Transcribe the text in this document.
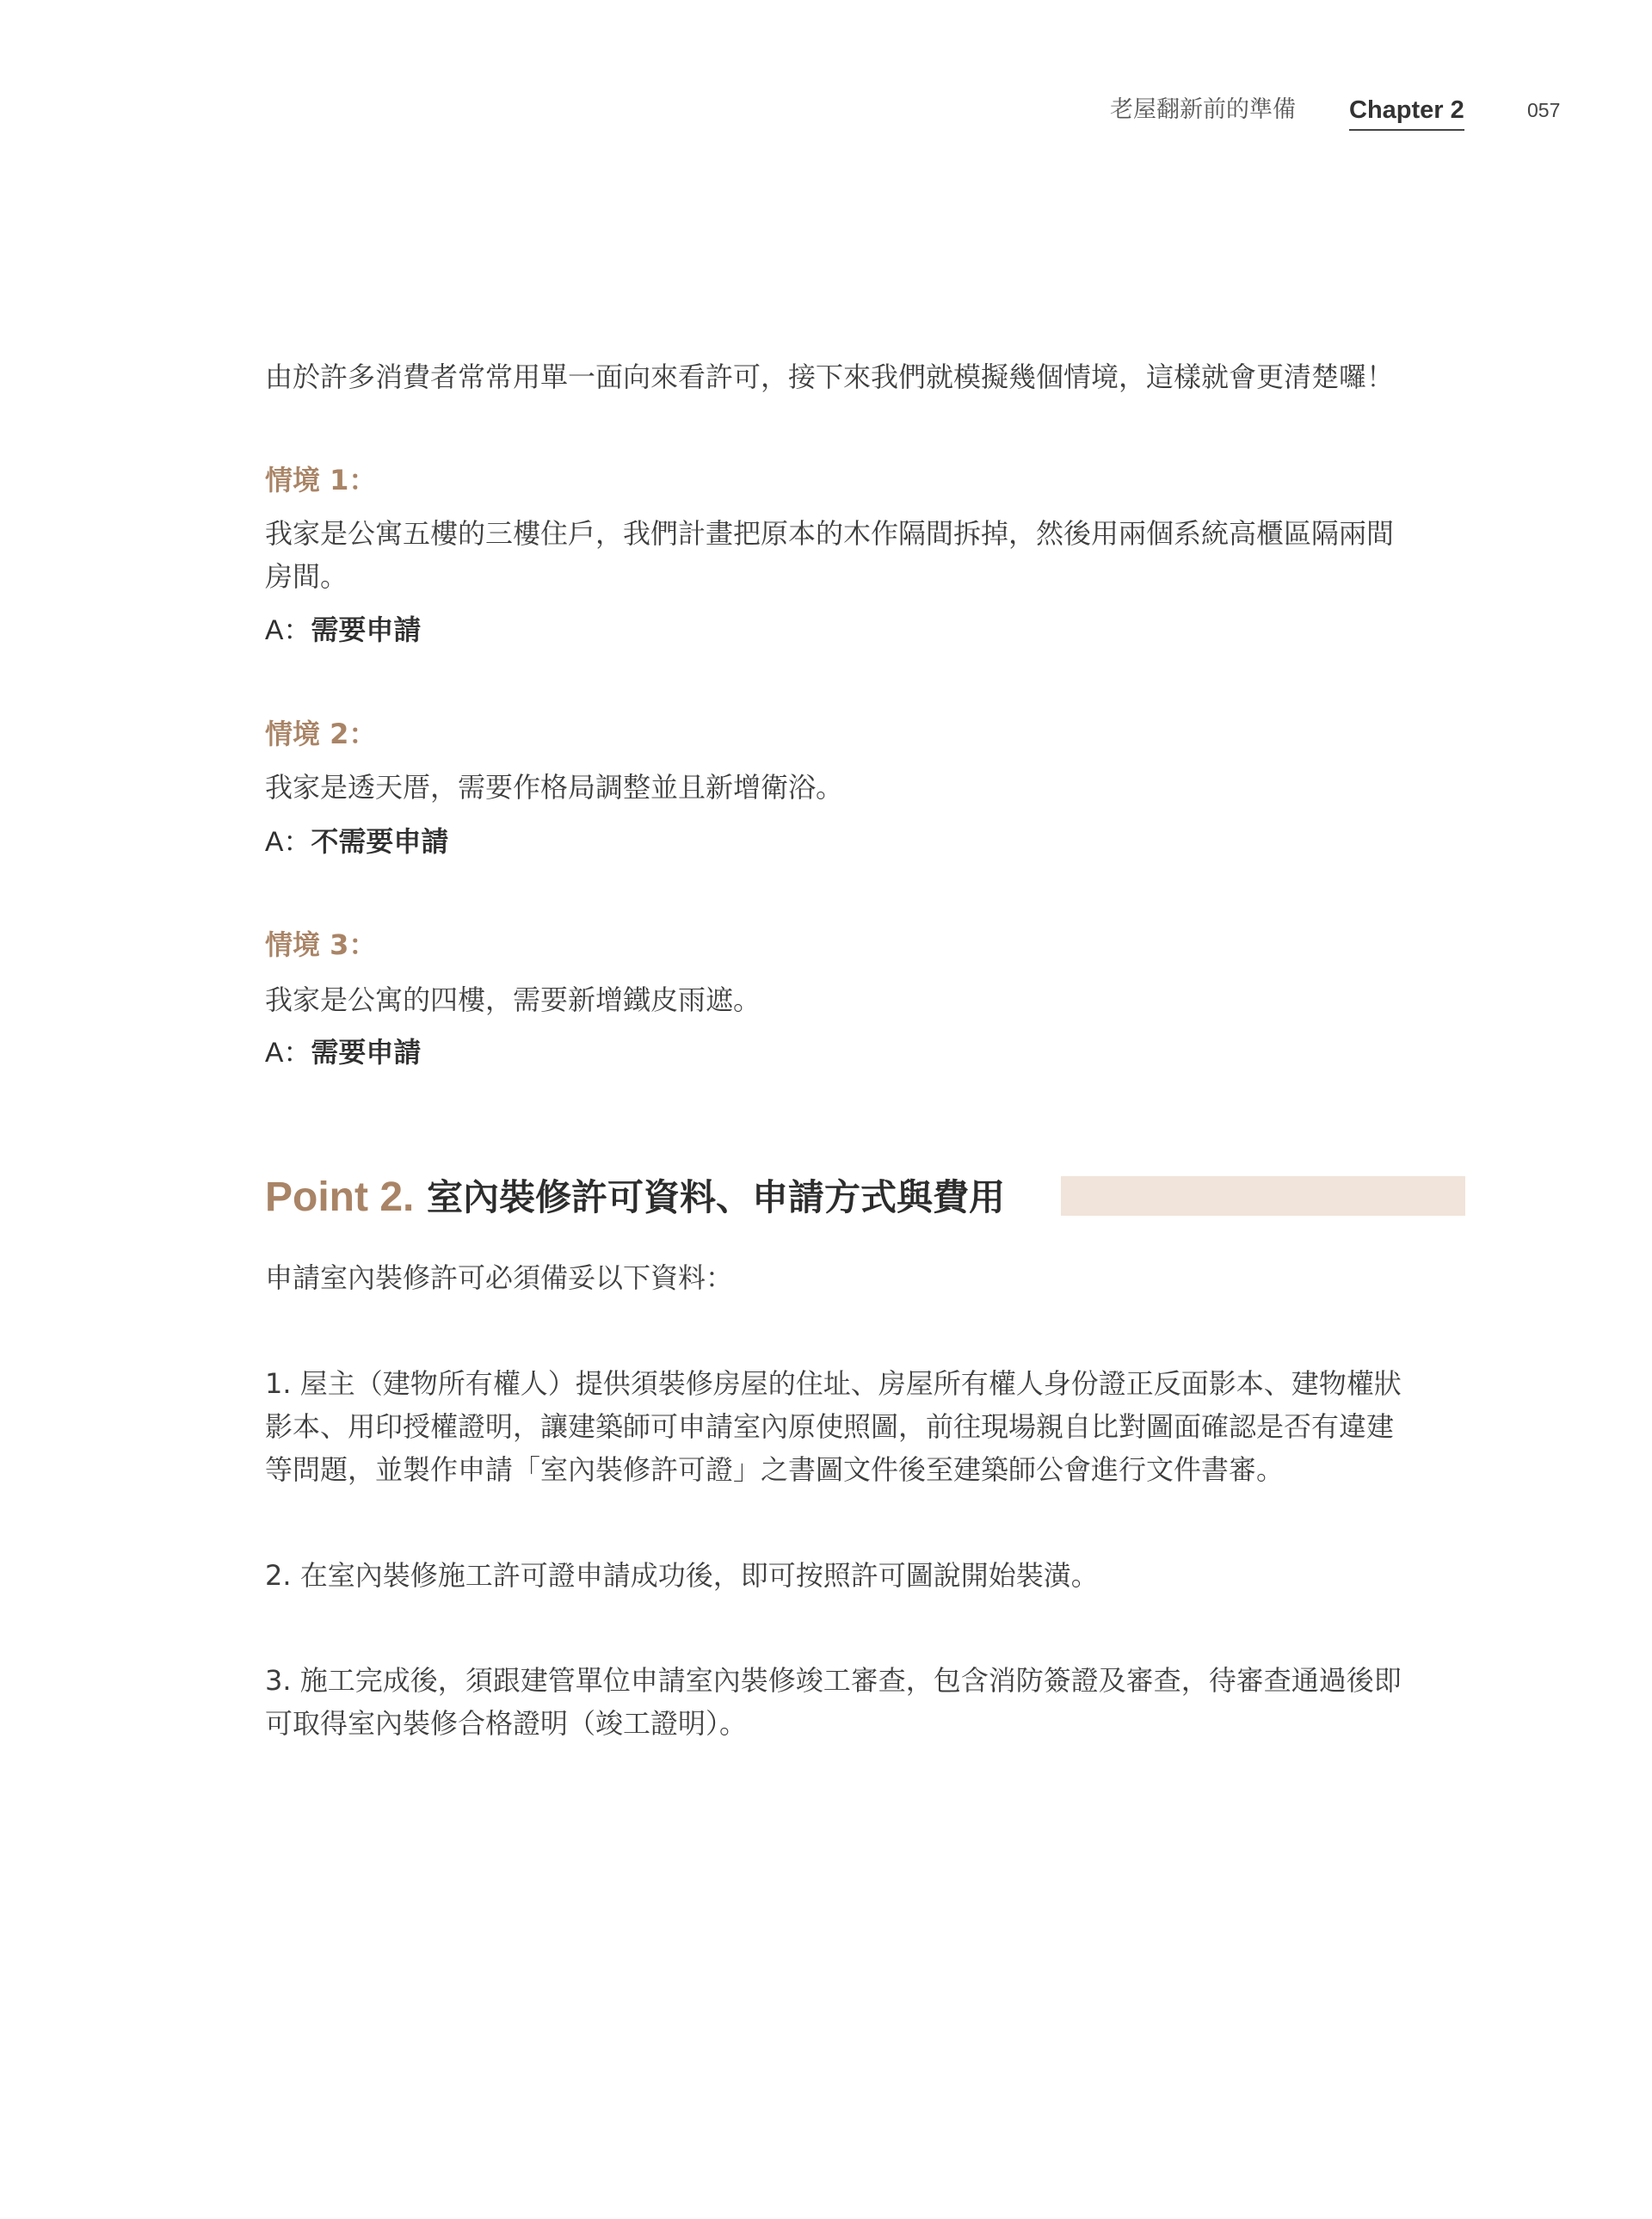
老屋翻新前的準備 Chapter 2	057

由於許多消費者常常用單一面向來看許可，接下來我們就模擬幾個情境，這樣就會更清楚囉！

情境 1：

我家是公寓五樓的三樓住戶，我們計畫把原本的木作隔間拆掉，然後用兩個系統高櫃區隔兩間

房間。

A：需要申請

情境 2：

我家是透天厝，需要作格局調整並且新增衛浴。

A：不需要申請

情境 3：

我家是公寓的四樓，需要新增鐵皮雨遮。

A：需要申請

申請室內裝修許可必須備妥以下資料：

1. 屋主（建物所有權人）提供須裝修房屋的住址、房屋所有權人身份證正反面影本、建物權狀

影本、用印授權證明，讓建築師可申請室內原使照圖，前往現場親自比對圖面確認是否有違建

等問題，並製作申請「室內裝修許可證」之書圖文件後至建築師公會進行文件書審。

2. 在室內裝修施工許可證申請成功後，即可按照許可圖說開始裝潢。

3. 施工完成後，須跟建管單位申請室內裝修竣工審查，包含消防簽證及審查，待審查通過後即

可取得室內裝修合格證明（竣工證明）。

Point 2. 室內裝修許可資料、申請方式與費用
